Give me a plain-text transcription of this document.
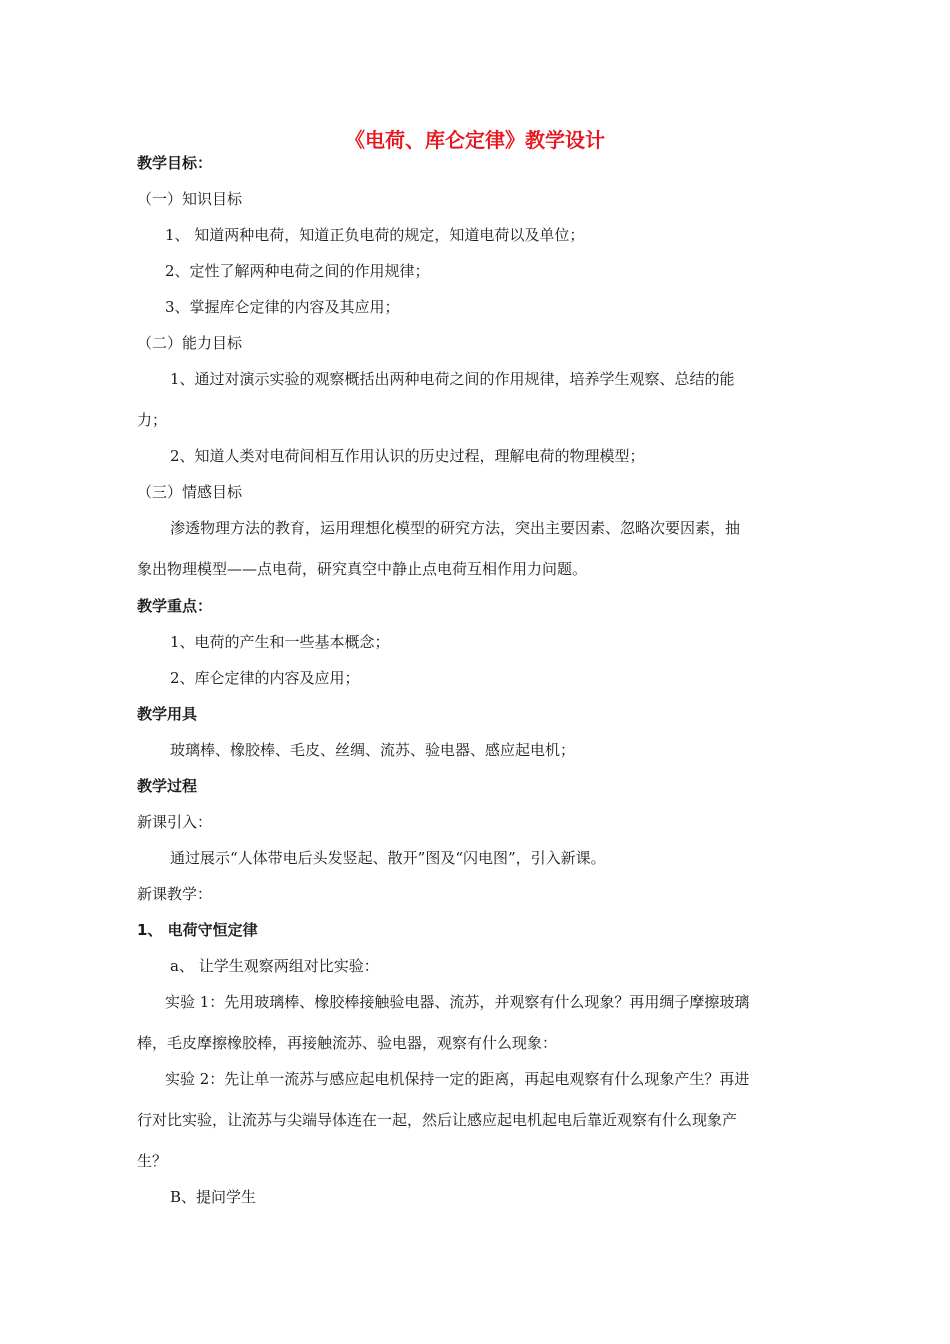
《电荷、库仑定律》教学设计
教学目标：
（一）知识目标
1、 知道两种电荷，知道正负电荷的规定，知道电荷以及单位；
2、定性了解两种电荷之间的作用规律；
3、掌握库仑定律的内容及其应用；
（二）能力目标
1、通过对演示实验的观察概括出两种电荷之间的作用规律，培养学生观察、总结的能
力；
2、知道人类对电荷间相互作用认识的历史过程，理解电荷的物理模型；
（三）情感目标
渗透物理方法的教育，运用理想化模型的研究方法，突出主要因素、忽略次要因素，抽
象出物理模型——点电荷，研究真空中静止点电荷互相作用力问题。
教学重点：
1、电荷的产生和一些基本概念；
2、库仑定律的内容及应用；
教学用具
玻璃棒、橡胶棒、毛皮、丝绸、流苏、验电器、感应起电机；
教学过程
新课引入：
通过展示“人体带电后头发竖起、散开”图及“闪电图”，引入新课。
新课教学：
1、 电荷守恒定律
a、 让学生观察两组对比实验：
实验 1：先用玻璃棒、橡胶棒接触验电器、流苏，并观察有什么现象？再用绸子摩擦玻璃
棒，毛皮摩擦橡胶棒，再接触流苏、验电器，观察有什么现象：
实验 2：先让单一流苏与感应起电机保持一定的距离，再起电观察有什么现象产生？再进
行对比实验，让流苏与尖端导体连在一起，然后让感应起电机起电后靠近观察有什么现象产
生？
B、提问学生
